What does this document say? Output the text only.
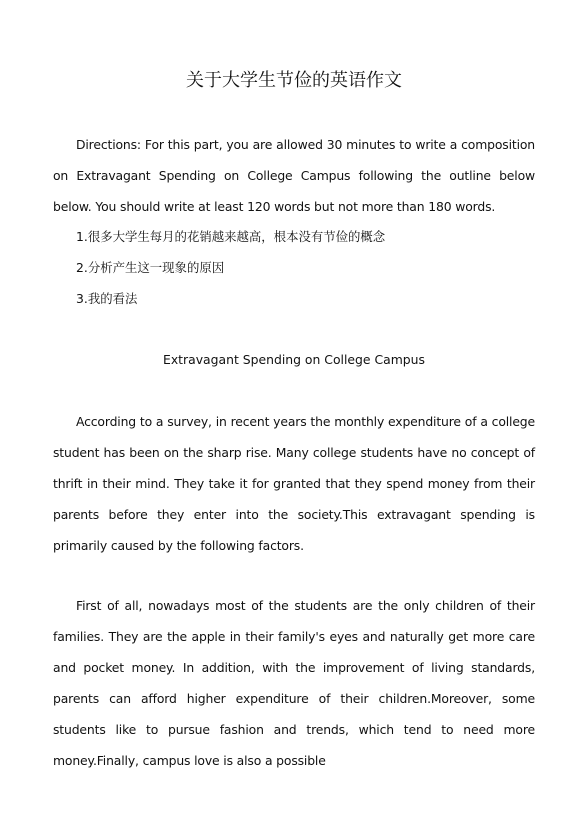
关于大学生节俭的英语作文

Directions: For this part, you are allowed 30 minutes to write a composition on Extravagant Spending on College Campus following the outline below below. You should write at least 120 words but not more than 180 words.

1.很多大学生每月的花销越来越高，根本没有节俭的概念

2.分析产生这一现象的原因

3.我的看法

Extravagant Spending on College Campus

According to a survey, in recent years the monthly expenditure of a college student has been on the sharp rise. Many college students have no concept of thrift in their mind. They take it for granted that they spend money from their parents before they enter into the society.This extravagant spending is primarily caused by the following factors.

First of all, nowadays most of the students are the only children of their families. They are the apple in their family's eyes and naturally get more care and pocket money. In addition, with the improvement of living standards, parents can afford higher expenditure of their children.Moreover, some students like to pursue fashion and trends, which tend to need more money.Finally, campus love is also a possible
